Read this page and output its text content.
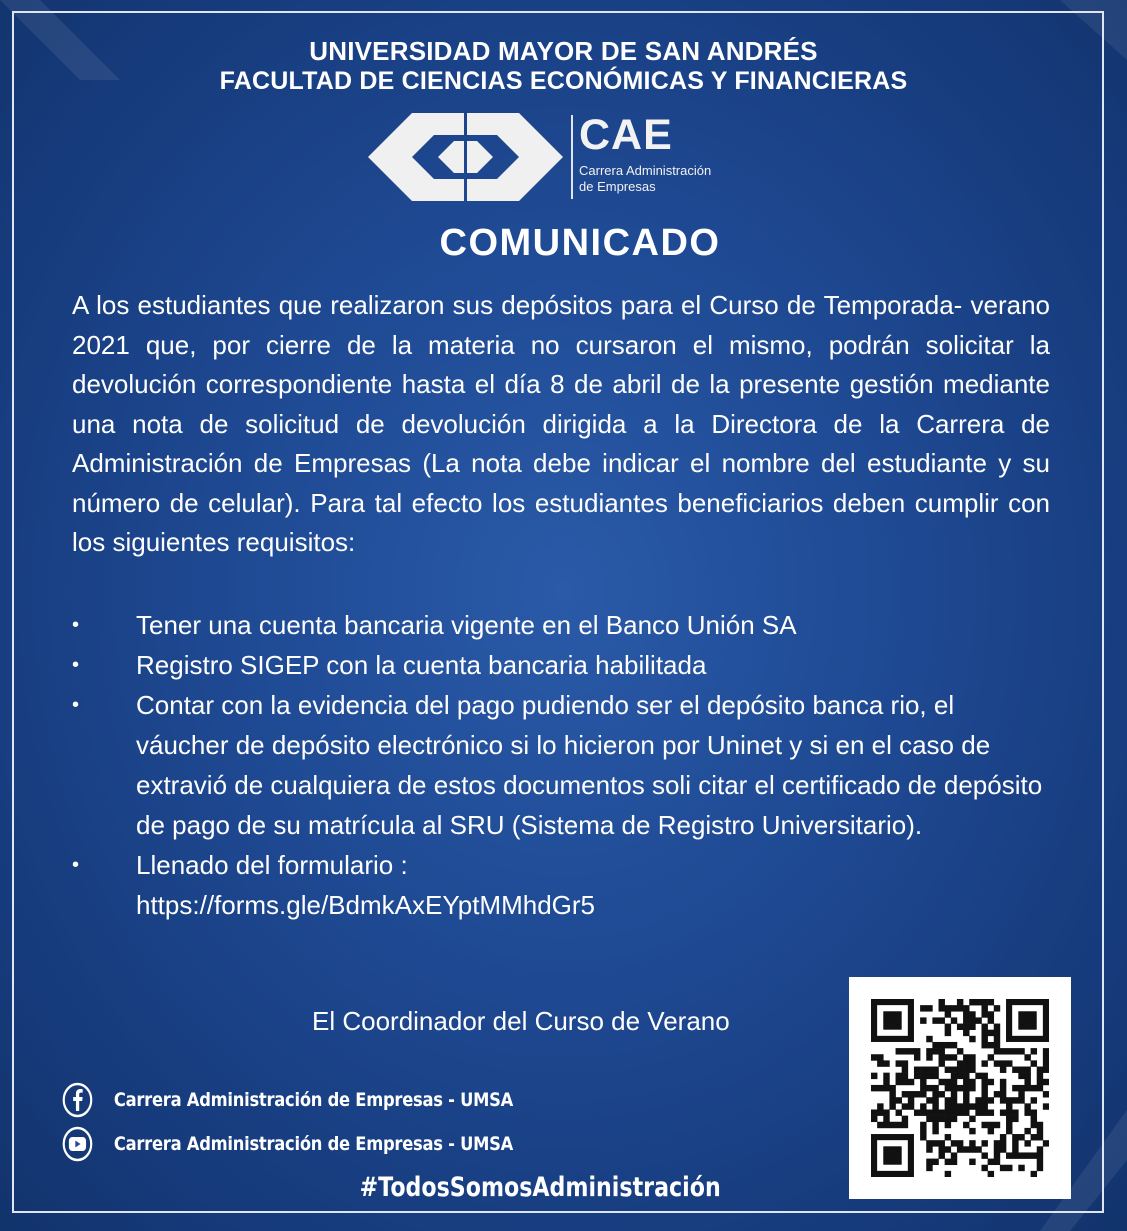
UNIVERSIDAD MAYOR DE SAN ANDRÉS
FACULTAD DE CIENCIAS ECONÓMICAS Y FINANCIERAS
CAE
Carrera Administración
de Empresas
COMUNICADO
A los estudiantes que realizaron sus depósitos para el Curso de Temporada- verano 2021 que, por cierre de la materia no cursaron el mismo, podrán solicitar la devolución correspondiente hasta el día 8 de abril de la presente gestión mediante una nota de solicitud de devolución dirigida a la Directora de la Carrera de Administración de Empresas (La nota debe indicar el nombre del estudiante y su número de celular). Para tal efecto los estudiantes beneficiarios deben cumplir con los siguientes requisitos:
•	Tener una cuenta bancaria vigente en el Banco Unión SA
•	Registro SIGEP con la cuenta bancaria habilitada
•	Contar con la evidencia del pago pudiendo ser el depósito banca rio, el váucher de depósito electrónico si lo hicieron por Uninet y si en el caso de extravió de cualquiera de estos documentos soli citar el certificado de depósito de pago de su matrícula al SRU (Sistema de Registro Universitario).
•	Llenado del formulario :
https://forms.gle/BdmkAxEYptMMhdGr5
El Coordinador del Curso de Verano
Carrera Administración de Empresas - UMSA
Carrera Administración de Empresas - UMSA
#TodosSomosAdministración
